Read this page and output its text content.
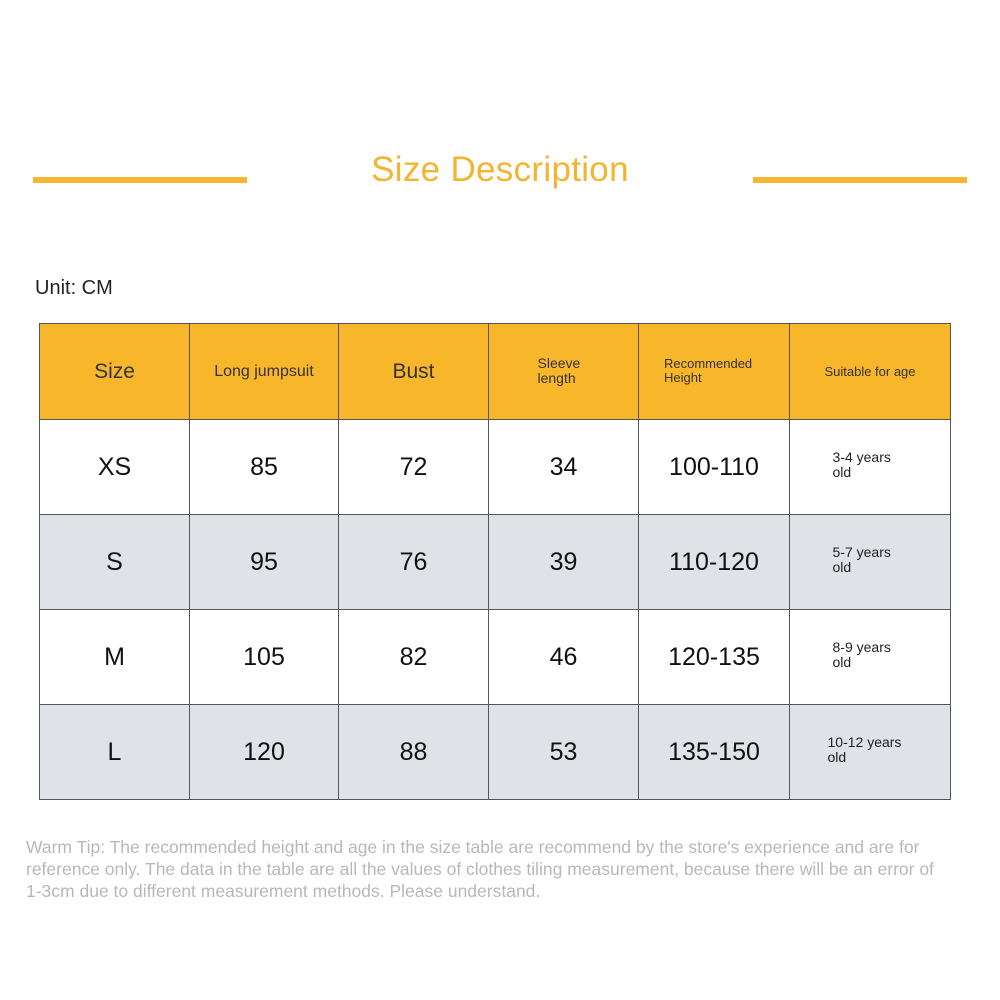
Size Description
Unit: CM
Size	Long jumpsuit	Bust	Sleeve length	Recommended Height	Suitable for age
XS	85	72	34	100-110	3-4 years old
S	95	76	39	110-120	5-7 years old
M	105	82	46	120-135	8-9 years old
L	120	88	53	135-150	10-12 years old
Warm Tip: The recommended height and age in the size table are recommend by the store's experience and are for reference only. The data in the table are all the values of clothes tiling measurement, because there will be an error of 1-3cm due to different measurement methods. Please understand.
